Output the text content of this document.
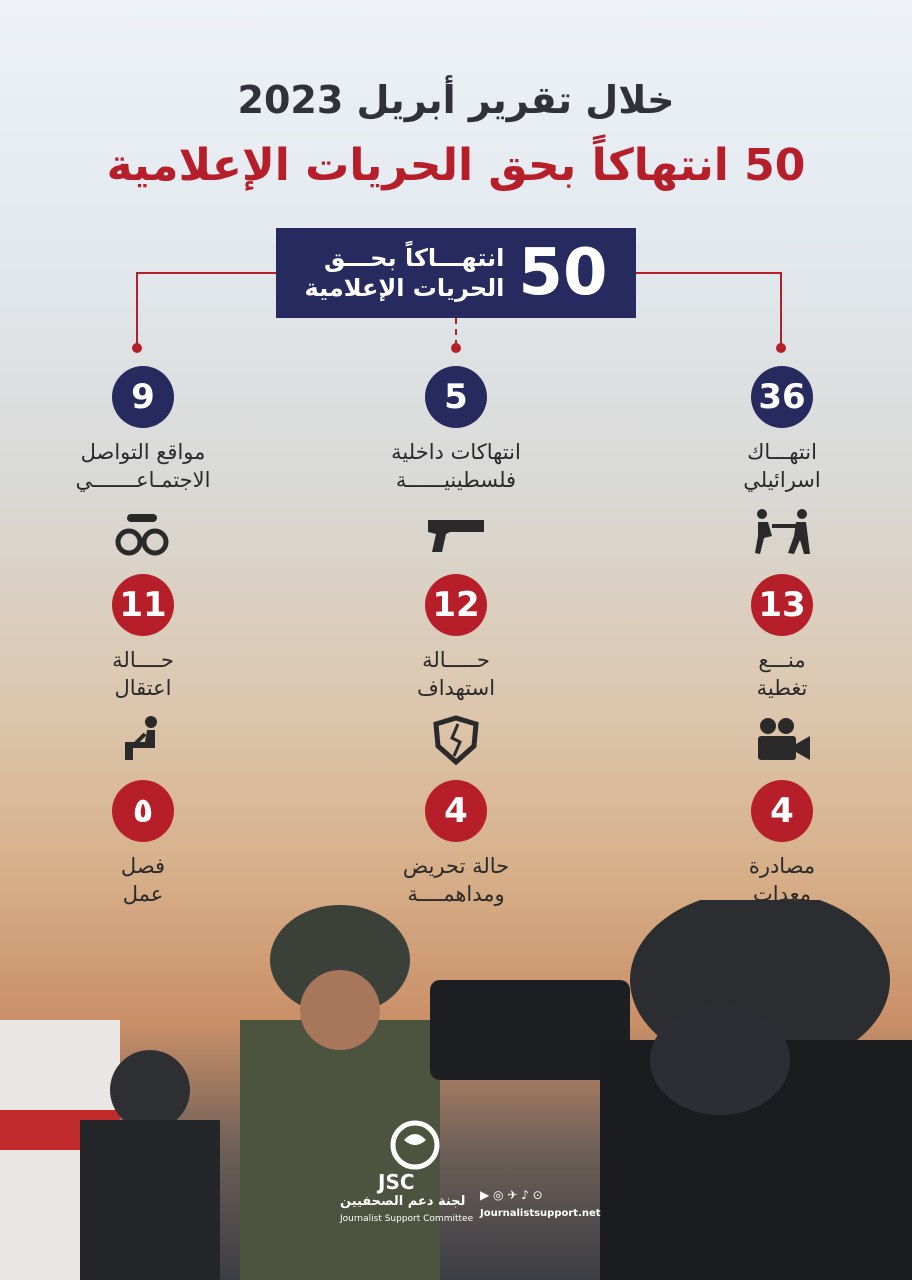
خلال تقرير أبريل 2023
50 انتهاكاً بحق الحريات الإعلامية
50
انتهـــاكاً بحـــق
الحريات الإعلامية
36
انتهـــاك
اسرائيلي
5
انتهاكات داخلية
فلسطينيــــــة
9
مواقع التواصل
الاجتمـاعـــــــي
13
منـــع
تغطية
12
حـــــالة
استهداف
11
حــــالة
اعتقال
4
مصادرة
معدات
4
حالة تحريض
ومداهمــــة
٥
فصل
عمل
JSC
لجنة دعم الصحفيين
Journalist Support Committee
▶ ◎ ✈ ♪ ⊙
Journalistsupport.net
